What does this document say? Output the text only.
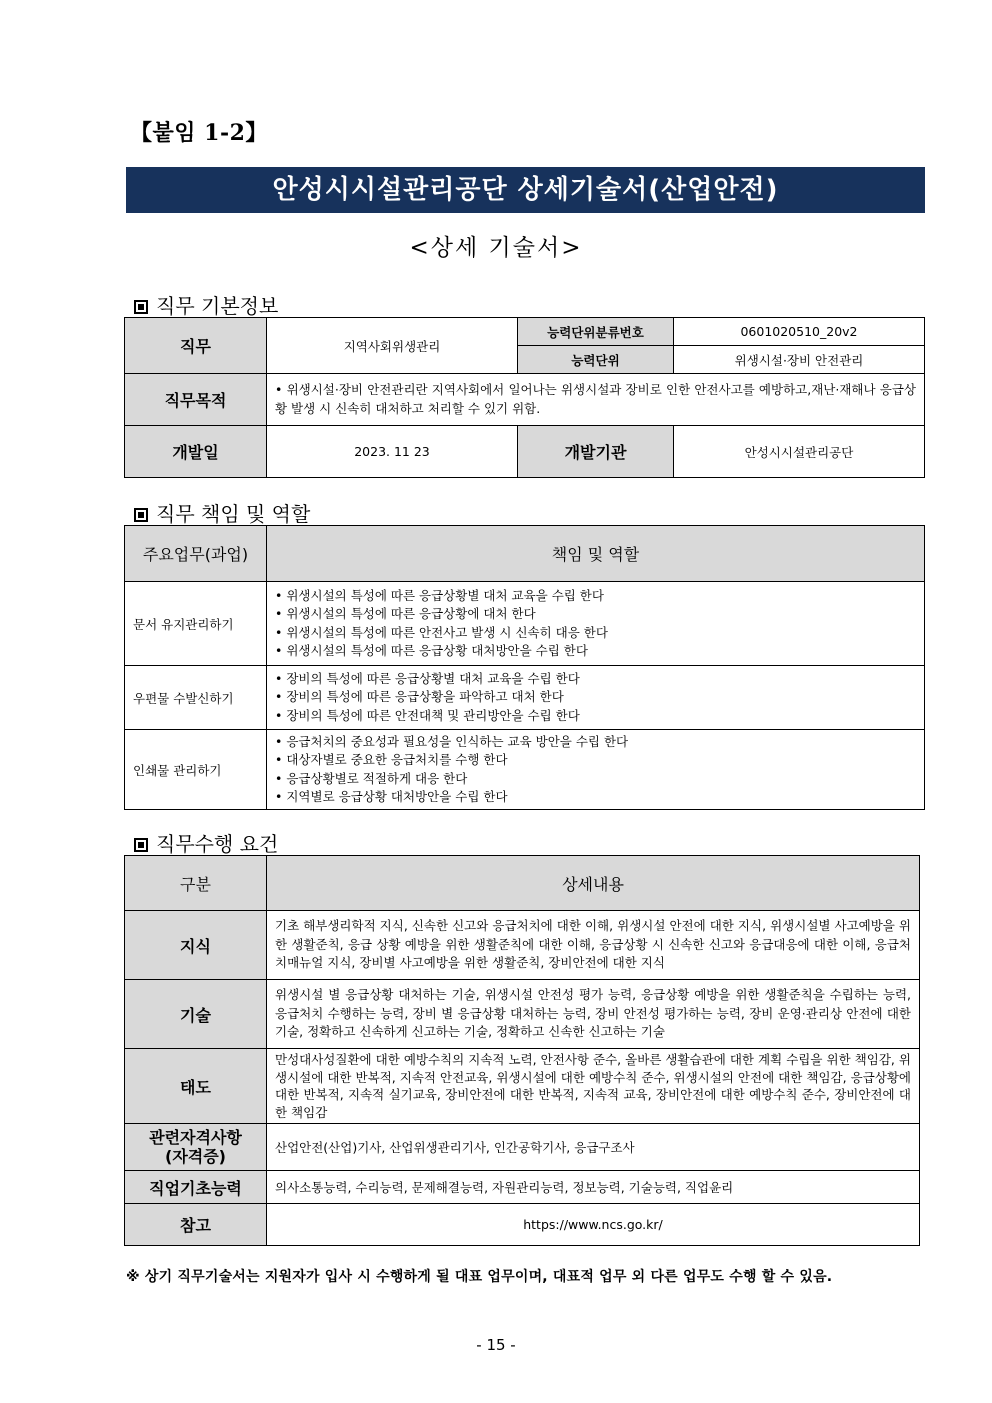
【붙임 1-2】
안성시시설관리공단 상세기술서(산업안전)
<상세 기술서>
직무 기본정보
직무	지역사회위생관리	능력단위분류번호	0601020510_20v2
		능력단위	위생시설·장비 안전관리
직무목적	• 위생시설·장비 안전관리란 지역사회에서 일어나는 위생시설과 장비로 인한 안전사고를 예방하고,재난·재해나 응급상황 발생 시 신속히 대처하고 처리할 수 있기 위함.		
개발일	2023. 11 23	개발기관	안성시시설관리공단
직무 책임 및 역할
주요업무(과업)	책임 및 역할
문서 유지관리하기	• 위생시설의 특성에 따른 응급상황별 대처 교육을 수립 한다
• 위생시설의 특성에 따른 응급상황에 대처 한다
• 위생시설의 특성에 따른 안전사고 발생 시 신속히 대응 한다
• 위생시설의 특성에 따른 응급상황 대처방안을 수립 한다

우편물 수발신하기	• 장비의 특성에 따른 응급상황별 대처 교육을 수립 한다
• 장비의 특성에 따른 응급상황을 파악하고 대처 한다
• 장비의 특성에 따른 안전대책 및 관리방안을 수립 한다

인쇄물 관리하기	• 응급처치의 중요성과 필요성을 인식하는 교육 방안을 수립 한다
• 대상자별로 중요한 응급처치를 수행 한다
• 응급상황별로 적절하게 대응 한다
• 지역별로 응급상황 대처방안을 수립 한다
직무수행 요건
구분	상세내용
지식	기초 해부생리학적 지식, 신속한 신고와 응급처치에 대한 이해, 위생시설 안전에 대한 지식, 위생시설별 사고예방을 위한 생활준칙, 응급 상황 예방을 위한 생활준칙에 대한 이해, 응급상황 시 신속한 신고와 응급대응에 대한 이해, 응급처치매뉴얼 지식, 장비별 사고예방을 위한 생활준칙, 장비안전에 대한 지식
기술	위생시설 별 응급상황 대처하는 기술, 위생시설 안전성 평가 능력, 응급상황 예방을 위한 생활준칙을 수립하는 능력, 응급처치 수행하는 능력, 장비 별 응급상황 대처하는 능력, 장비 안전성 평가하는 능력, 장비 운영·관리상 안전에 대한 기술, 정확하고 신속하게 신고하는 기술, 정확하고 신속한 신고하는 기술
태도	만성대사성질환에 대한 예방수칙의 지속적 노력, 안전사항 준수, 올바른 생활습관에 대한 계획 수립을 위한 책임감, 위생시설에 대한 반복적, 지속적 안전교육, 위생시설에 대한 예방수칙 준수, 위생시설의 안전에 대한 책임감, 응급상황에 대한 반복적, 지속적 실기교육, 장비안전에 대한 반복적, 지속적 교육, 장비안전에 대한 예방수칙 준수, 장비안전에 대한 책임감

관련자격사항
(자격증)	산업안전(산업)기사, 산업위생관리기사, 인간공학기사, 응급구조사
직업기초능력	의사소통능력, 수리능력, 문제해결능력, 자원관리능력, 정보능력, 기술능력, 직업윤리
참고	https://www.ncs.go.kr/
※ 상기 직무기술서는 지원자가 입사 시 수행하게 될 대표 업무이며, 대표적 업무 외 다른 업무도 수행 할 수 있음.
- 15 -
